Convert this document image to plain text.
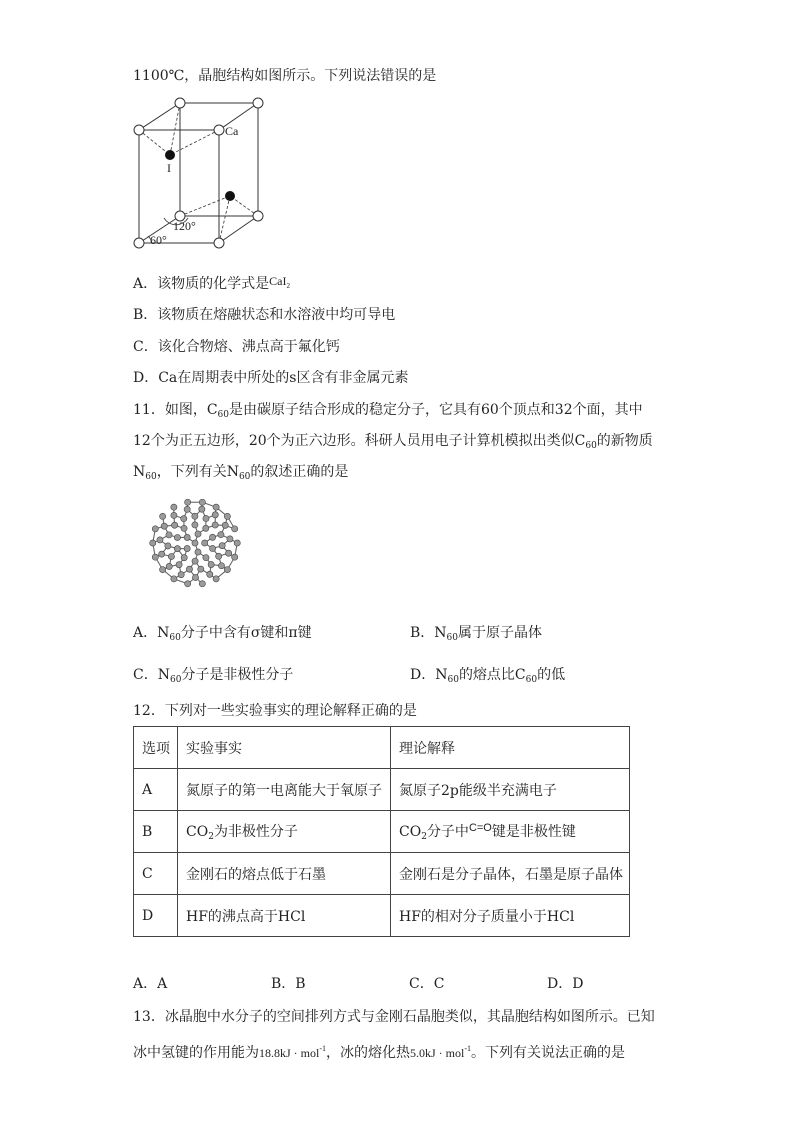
1100℃，晶胞结构如图所示。下列说法错误的是
Ca
I
120°
60°
A．该物质的化学式是CaI$_2$
B．该物质在熔融状态和水溶液中均可导电
C．该化合物熔、沸点高于氟化钙
D．Ca在周期表中所处的s区含有非金属元素
11．如图，$C_{60}$是由碳原子结合形成的稳定分子，它具有60个顶点和32个面，其中
12个为正五边形，20个为正六边形。科研人员用电子计算机模拟出类似$C_{60}$的新物质
$N_{60}$，下列有关$N_{60}$的叙述正确的是
A．$N_{60}$分子中含有σ键和π键	B．$N_{60}$属于原子晶体
C．$N_{60}$分子是非极性分子	D．$N_{60}$的熔点比$C_{60}$的低
12．下列对一些实验事实的理论解释正确的是
选项	实验事实	理论解释
A	氮原子的第一电离能大于氧原子	氮原子2p能级半充满电子
B	$CO_2$为非极性分子	$CO_2$分子中$^{C=O}$键是非极性键
C	金刚石的熔点低于石墨	金刚石是分子晶体，石墨是原子晶体
D	HF的沸点高于HCl	HF的相对分子质量小于HCl
A．A	B．B	C．C	D．D
13．冰晶胞中水分子的空间排列方式与金刚石晶胞类似，其晶胞结构如图所示。已知
冰中氢键的作用能为18.8kJ · mol$^{-1}$，冰的熔化热5.0kJ · mol$^{-1}$。下列有关说法正确的是
